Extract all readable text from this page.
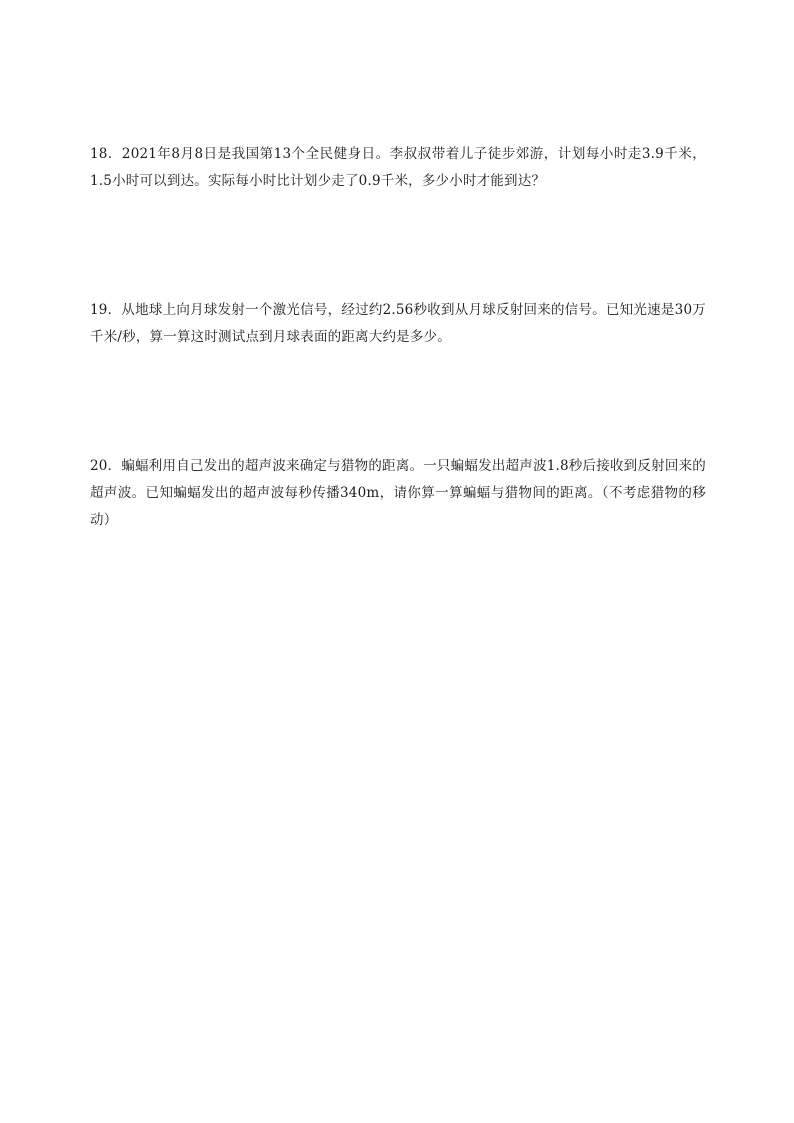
18．2021年8月8日是我国第13个全民健身日。李叔叔带着儿子徒步郊游，计划每小时走3.9千米，1.5小时可以到达。实际每小时比计划少走了0.9千米，多少小时才能到达？
19．从地球上向月球发射一个激光信号，经过约2.56秒收到从月球反射回来的信号。已知光速是30万千米/秒，算一算这时测试点到月球表面的距离大约是多少。
20．蝙蝠利用自己发出的超声波来确定与猎物的距离。一只蝙蝠发出超声波1.8秒后接收到反射回来的超声波。已知蝙蝠发出的超声波每秒传播340m，请你算一算蝙蝠与猎物间的距离。（不考虑猎物的移动）
